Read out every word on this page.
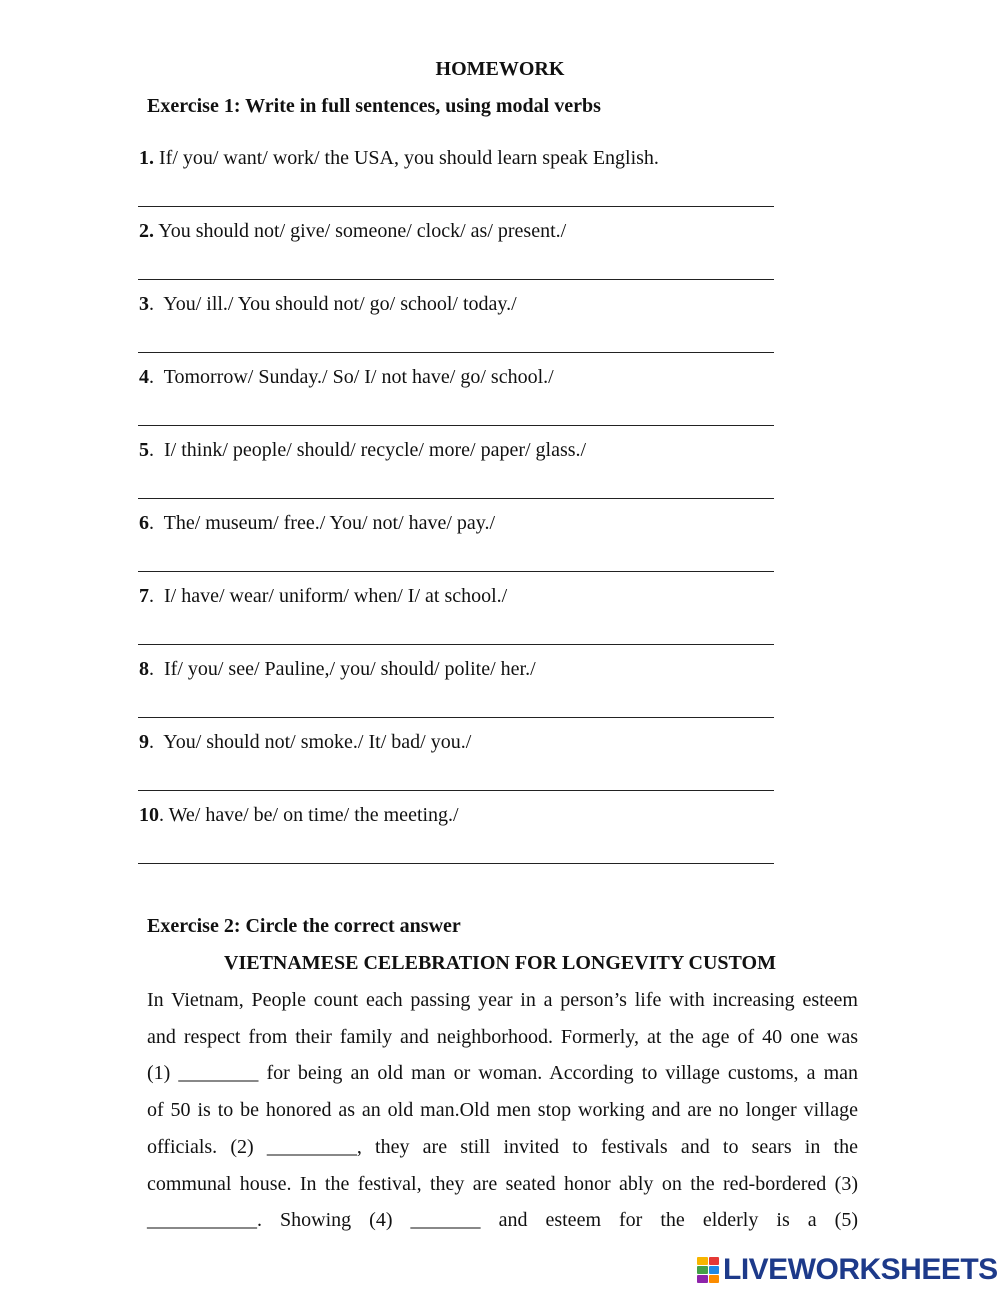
HOMEWORK
Exercise 1: Write in full sentences, using modal verbs
1. If/ you/ want/ work/ the USA, you should learn speak English.
2. You should not/ give/ someone/ clock/ as/ present./
3.  You/ ill./ You should not/ go/ school/ today./
4.  Tomorrow/ Sunday./ So/ I/ not have/ go/ school./
5.  I/ think/ people/ should/ recycle/ more/ paper/ glass./
6.  The/ museum/ free./ You/ not/ have/ pay./
7.  I/ have/ wear/ uniform/ when/ I/ at school./
8.  If/ you/ see/ Pauline,/ you/ should/ polite/ her./
9.  You/ should not/ smoke./ It/ bad/ you./
10. We/ have/ be/ on time/ the meeting./
Exercise 2: Circle the correct answer
VIETNAMESE CELEBRATION FOR LONGEVITY CUSTOM

In Vietnam, People count each passing year in a person’s life with increasing esteem

and respect from their family and neighborhood. Formerly, at the age of 40 one was

(1) ________ for being an old man or woman. According to village customs, a man

of 50 is to be honored as an old man.Old men stop working and are no longer village

officials. (2) _________, they are still invited to festivals and to sears in the

communal house. In the festival, they are seated honor ably on the red-bordered (3)

___________. Showing (4) _______ and esteem for the elderly is a (5)

LIVEWORKSHEETS
